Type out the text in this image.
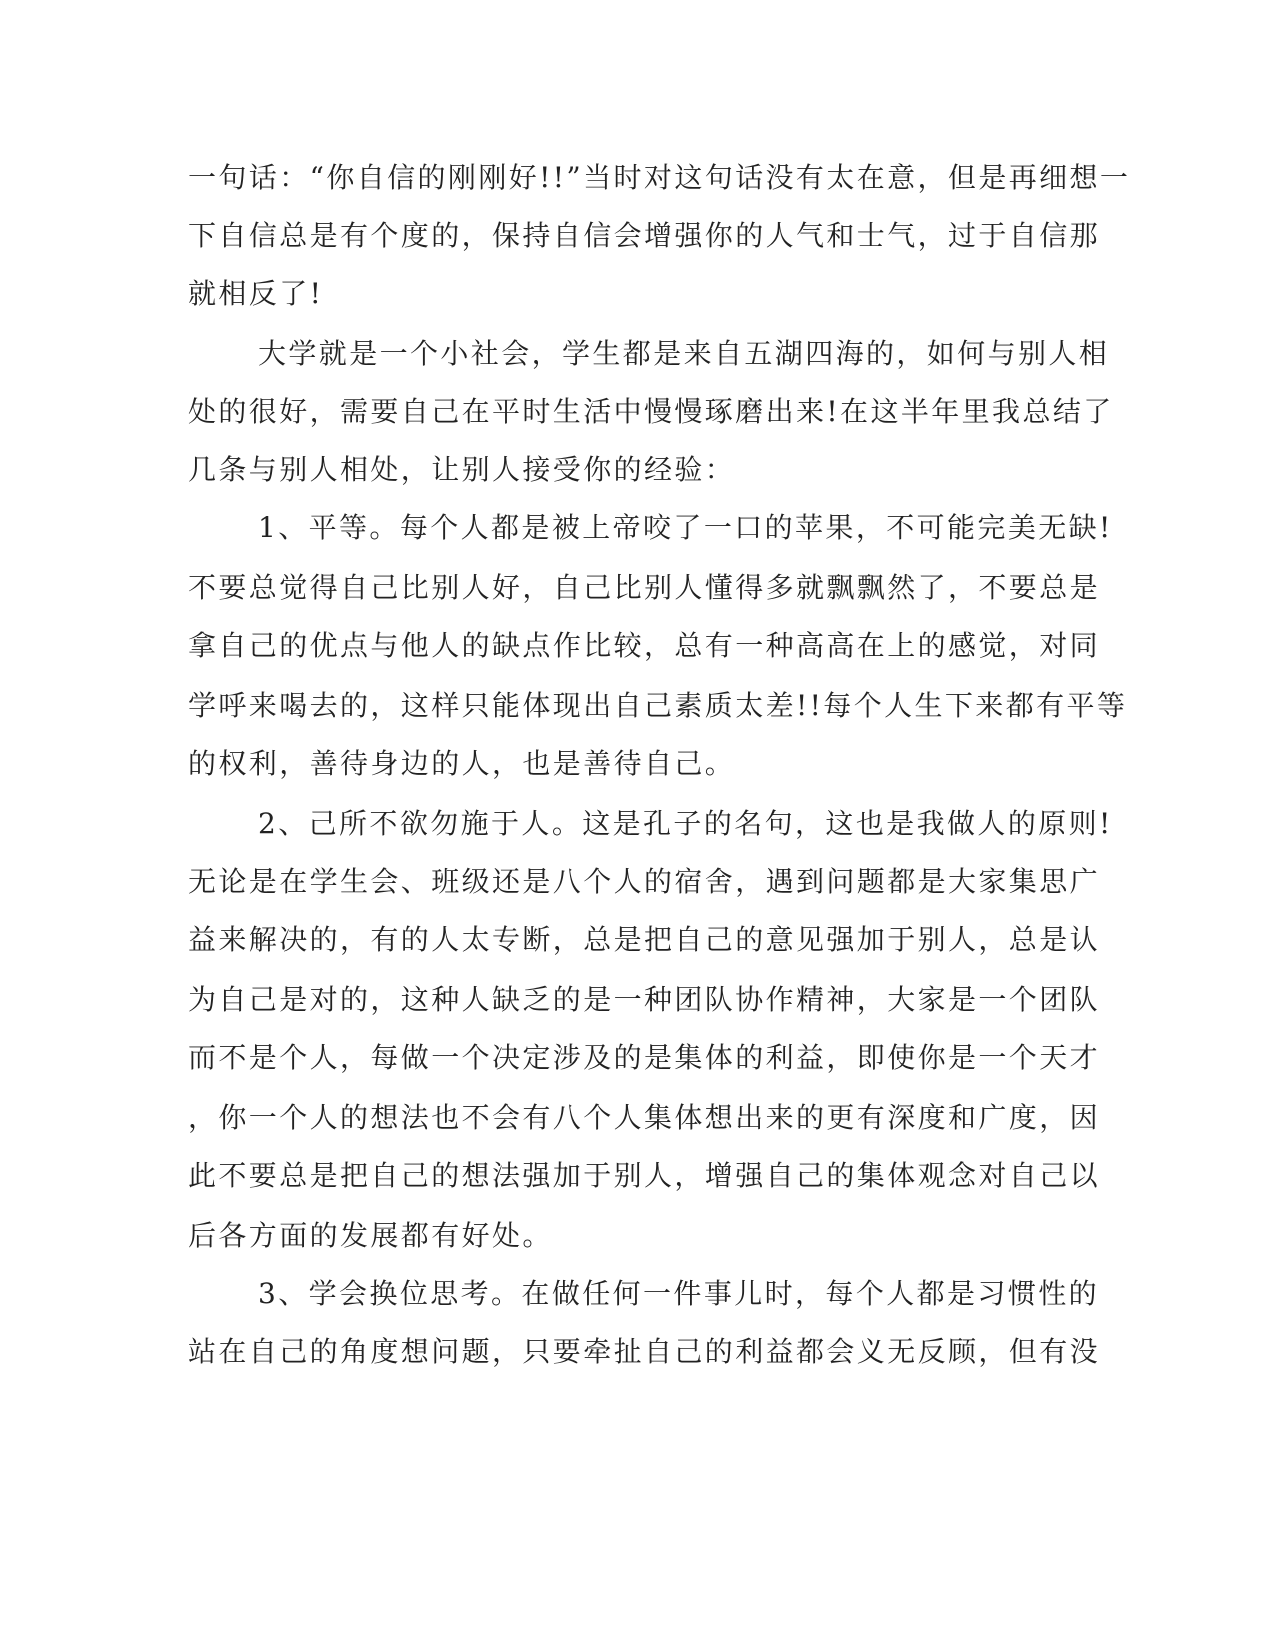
一句话：“你自信的刚刚好!!”当时对这句话没有太在意，但是再细想一
下自信总是有个度的，保持自信会增强你的人气和士气，过于自信那
就相反了!
大学就是一个小社会，学生都是来自五湖四海的，如何与别人相
处的很好，需要自己在平时生活中慢慢琢磨出来!在这半年里我总结了
几条与别人相处，让别人接受你的经验：
1、平等。每个人都是被上帝咬了一口的苹果，不可能完美无缺!
不要总觉得自己比别人好，自己比别人懂得多就飘飘然了，不要总是
拿自己的优点与他人的缺点作比较，总有一种高高在上的感觉，对同
学呼来喝去的，这样只能体现出自己素质太差!!每个人生下来都有平等
的权利，善待身边的人，也是善待自己。
2、己所不欲勿施于人。这是孔子的名句，这也是我做人的原则!
无论是在学生会、班级还是八个人的宿舍，遇到问题都是大家集思广
益来解决的，有的人太专断，总是把自己的意见强加于别人，总是认
为自己是对的，这种人缺乏的是一种团队协作精神，大家是一个团队
而不是个人，每做一个决定涉及的是集体的利益，即使你是一个天才
，你一个人的想法也不会有八个人集体想出来的更有深度和广度，因
此不要总是把自己的想法强加于别人，增强自己的集体观念对自己以
后各方面的发展都有好处。
3、学会换位思考。在做任何一件事儿时，每个人都是习惯性的
站在自己的角度想问题，只要牵扯自己的利益都会义无反顾，但有没
